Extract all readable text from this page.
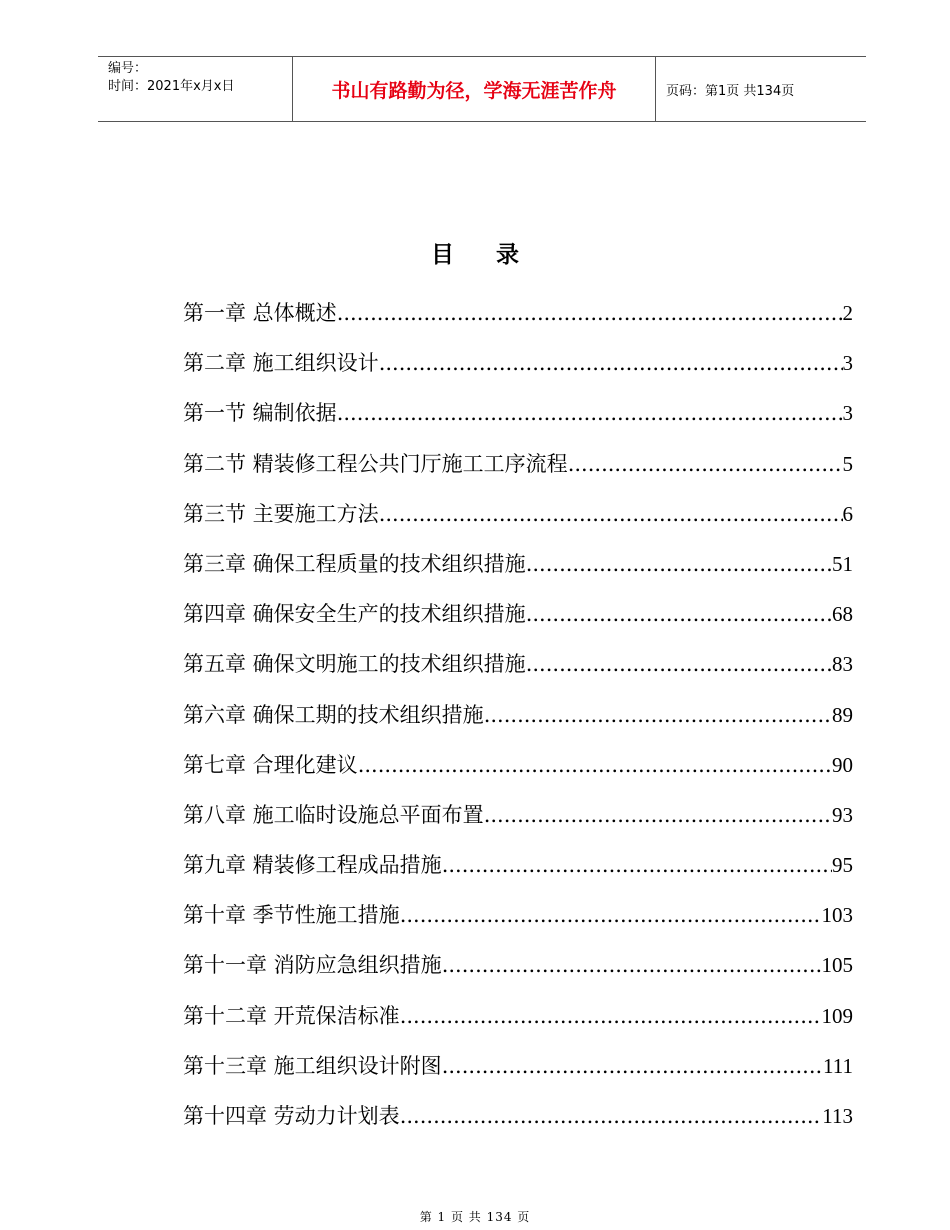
编号：
时间：2021年x月x日	书山有路勤为径，学海无涯苦作舟	页码：第1页 共134页
目录
第一章 总体概述 .....	2
第二章 施工组织设计 .....	3
第一节 编制依据 .....	3
第二节 精装修工程公共门厅施工工序流程 .....	5
第三节 主要施工方法 .....	6
第三章 确保工程质量的技术组织措施 .....	51
第四章 确保安全生产的技术组织措施 .....	68
第五章 确保文明施工的技术组织措施 .....	83
第六章 确保工期的技术组织措施 .....	89
第七章 合理化建议 .....	90
第八章 施工临时设施总平面布置 .....	93
第九章 精装修工程成品措施 .....	95
第十章 季节性施工措施 .....	103
第十一章 消防应急组织措施 .....	105
第十二章 开荒保洁标准 .....	109
第十三章 施工组织设计附图 .....	111
第十四章 劳动力计划表 .....	113
第 1 页 共 134 页
